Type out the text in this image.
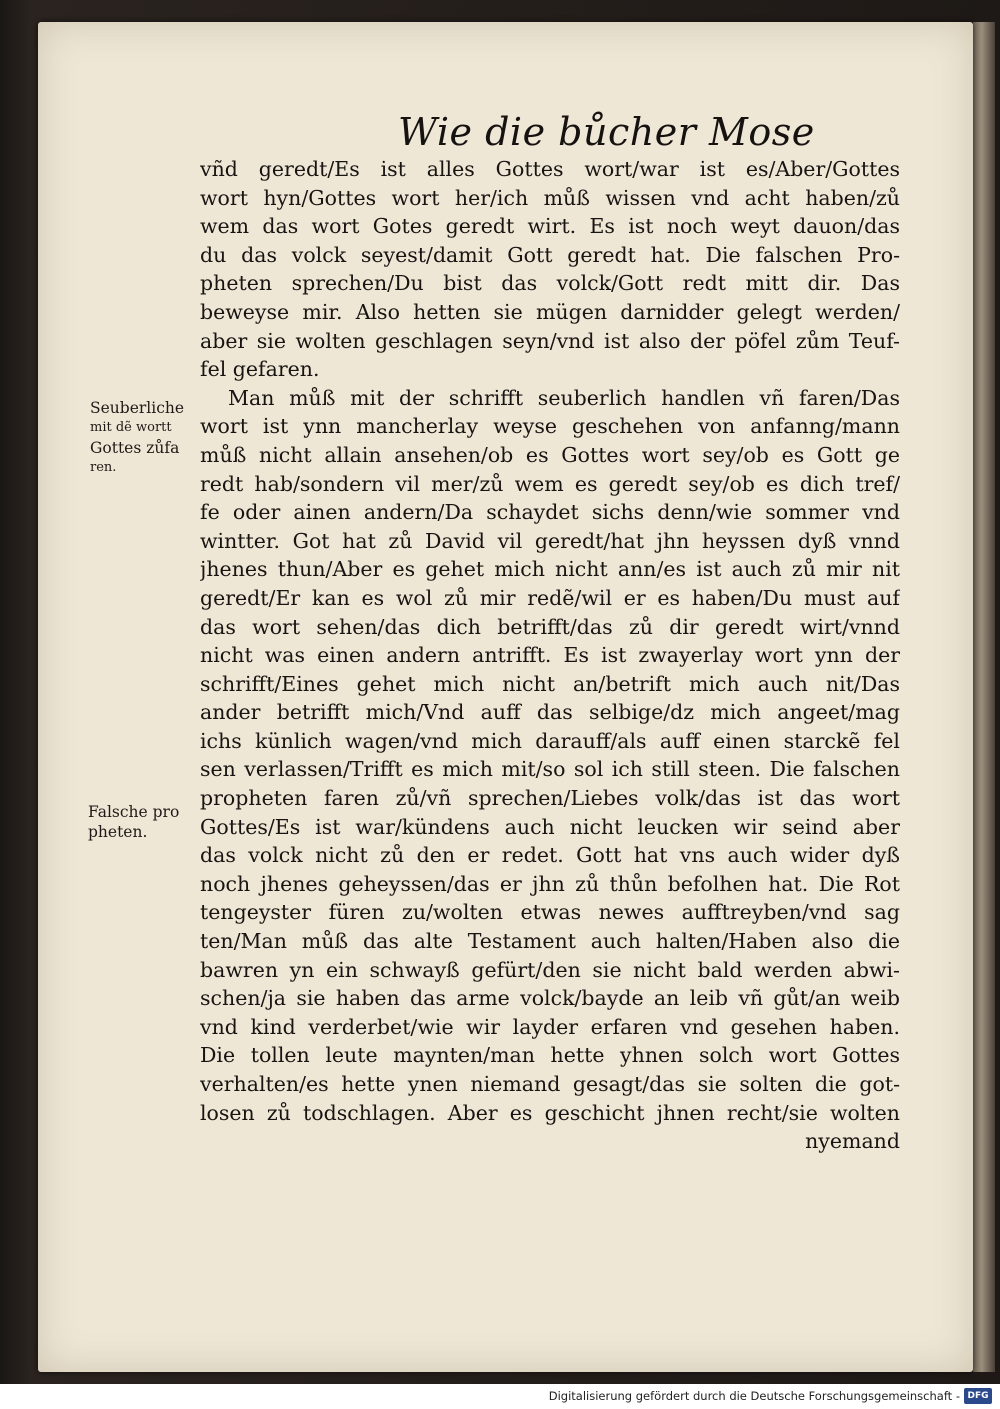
Wie die bůcher Mose
vñd geredt/Es ist alles Gottes wort/war ist es/Aber/Gottes
wort hyn/Gottes wort her/ich můß wissen vnd acht haben/zů
wem das wort Gotes geredt wirt. Es ist noch weyt dauon/das
du das volck seyest/damit Gott geredt hat. Die falschen Pro-
pheten sprechen/Du bist das volck/Gott redt mitt dir. Das
beweyse mir. Also hetten sie mügen darnidder gelegt werden/
aber sie wolten geschlagen seyn/vnd ist also der pöfel zům Teuf-
fel gefaren.
Man můß mit der schrifft seuberlich handlen vñ faren/Das
wort ist ynn mancherlay weyse geschehen von anfanng/mann
můß nicht allain ansehen/ob es Gottes wort sey/ob es Gott ge
redt hab/sondern vil mer/zů wem es geredt sey/ob es dich tref/
fe oder ainen andern/Da schaydet sichs denn/wie sommer vnd
wintter. Got hat zů David vil geredt/hat jhn heyssen dyß vnnd
jhenes thun/Aber es gehet mich nicht ann/es ist auch zů mir nit
geredt/Er kan es wol zů mir redẽ/wil er es haben/Du must auf
das wort sehen/das dich betrifft/das zů dir geredt wirt/vnnd
nicht was einen andern antrifft. Es ist zwayerlay wort ynn der
schrifft/Eines gehet mich nicht an/betrift mich auch nit/Das
ander betrifft mich/Vnd auff das selbige/dz mich angeet/mag
ichs künlich wagen/vnd mich darauff/als auff einen starckẽ fel
sen verlassen/Trifft es mich mit/so sol ich still steen. Die falschen
propheten faren zů/vñ sprechen/Liebes volk/das ist das wort
Gottes/Es ist war/kündens auch nicht leucken wir seind aber
das volck nicht zů den er redet. Gott hat vns auch wider dyß
noch jhenes geheyssen/das er jhn zů thůn befolhen hat. Die Rot
tengeyster füren zu/wolten etwas newes aufftreyben/vnd sag
ten/Man můß das alte Testament auch halten/Haben also die
bawren yn ein schwayß gefürt/den sie nicht bald werden abwi-
schen/ja sie haben das arme volck/bayde an leib vñ gůt/an weib
vnd kind verderbet/wie wir layder erfaren vnd gesehen haben.
Die tollen leute maynten/man hette yhnen solch wort Gottes
verhalten/es hette ynen niemand gesagt/das sie solten die got-
losen zů todschlagen. Aber es geschicht jhnen recht/sie wolten
nyemand
Seuberliche
mit dẽ wortt
Gottes zůfa
ren.
Falsche pro
pheten.
Digitalisierung gefördert durch die Deutsche Forschungsgemeinschaft - DFG
